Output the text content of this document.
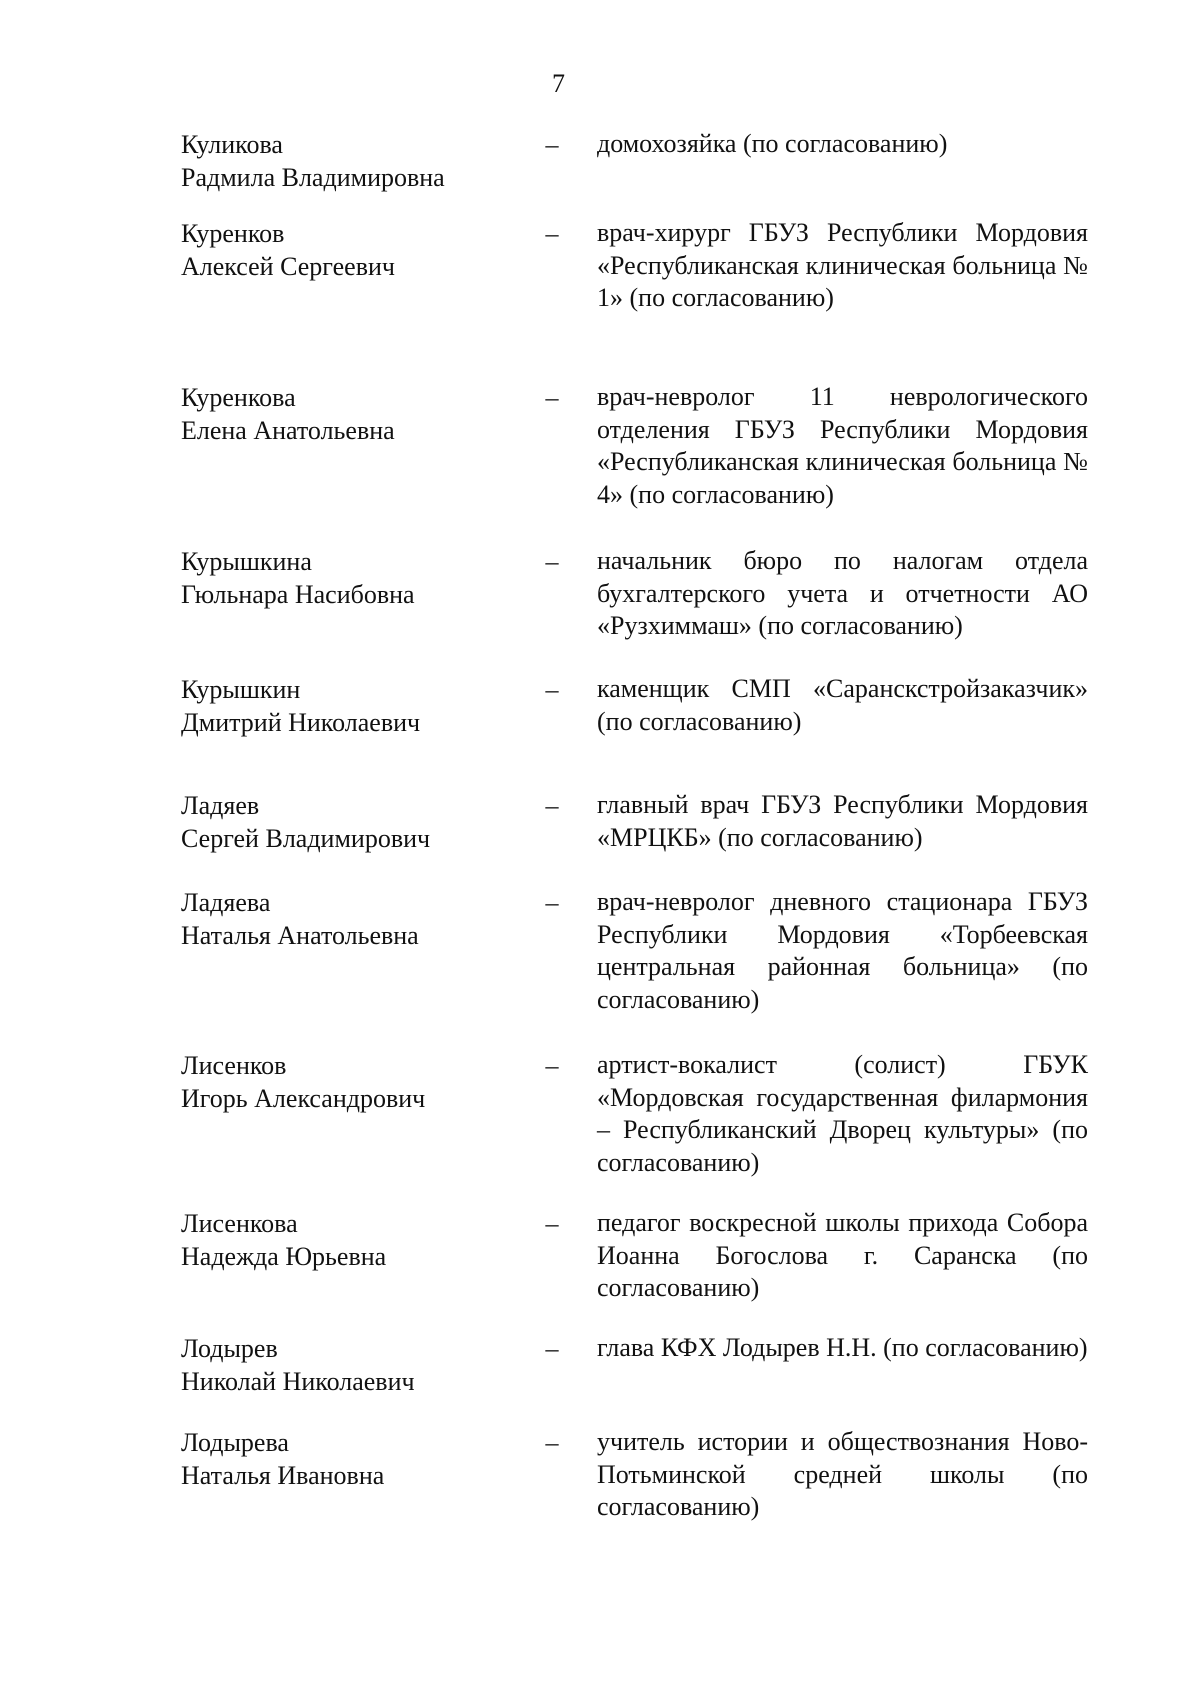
7
Куликова
Радмила Владимировна
– домохозяйка (по согласованию)
Куренков
Алексей Сергеевич
– врач-хирург ГБУЗ Республики Мордовия «Республиканская клиническая больница № 1» (по согласованию)
Куренкова
Елена Анатольевна
– врач-невролог 11 неврологического отделения ГБУЗ Республики Мордовия «Республиканская клиническая больница № 4» (по согласованию)
Курышкина
Гюльнара Насибовна
– начальник бюро по налогам отдела бухгалтерского учета и отчетности АО «Рузхиммаш» (по согласованию)
Курышкин
Дмитрий Николаевич
– каменщик СМП «Саранскстройзаказчик» (по согласованию)
Ладяев
Сергей Владимирович
– главный врач ГБУЗ Республики Мордовия «МРЦКБ» (по согласованию)
Ладяева
Наталья Анатольевна
– врач-невролог дневного стационара ГБУЗ Республики Мордовия «Торбеевская центральная районная больница» (по согласованию)
Лисенков
Игорь Александрович
– артист-вокалист (солист) ГБУК «Мордовская государственная филармония – Республиканский Дворец культуры» (по согласованию)
Лисенкова
Надежда Юрьевна
– педагог воскресной школы прихода Собора Иоанна Богослова г. Саранска (по согласованию)
Лодырев
Николай Николаевич
– глава КФХ Лодырев Н.Н. (по согласованию)
Лодырева
Наталья Ивановна
– учитель истории и обществознания Ново-Потьминской средней школы (по согласованию)
